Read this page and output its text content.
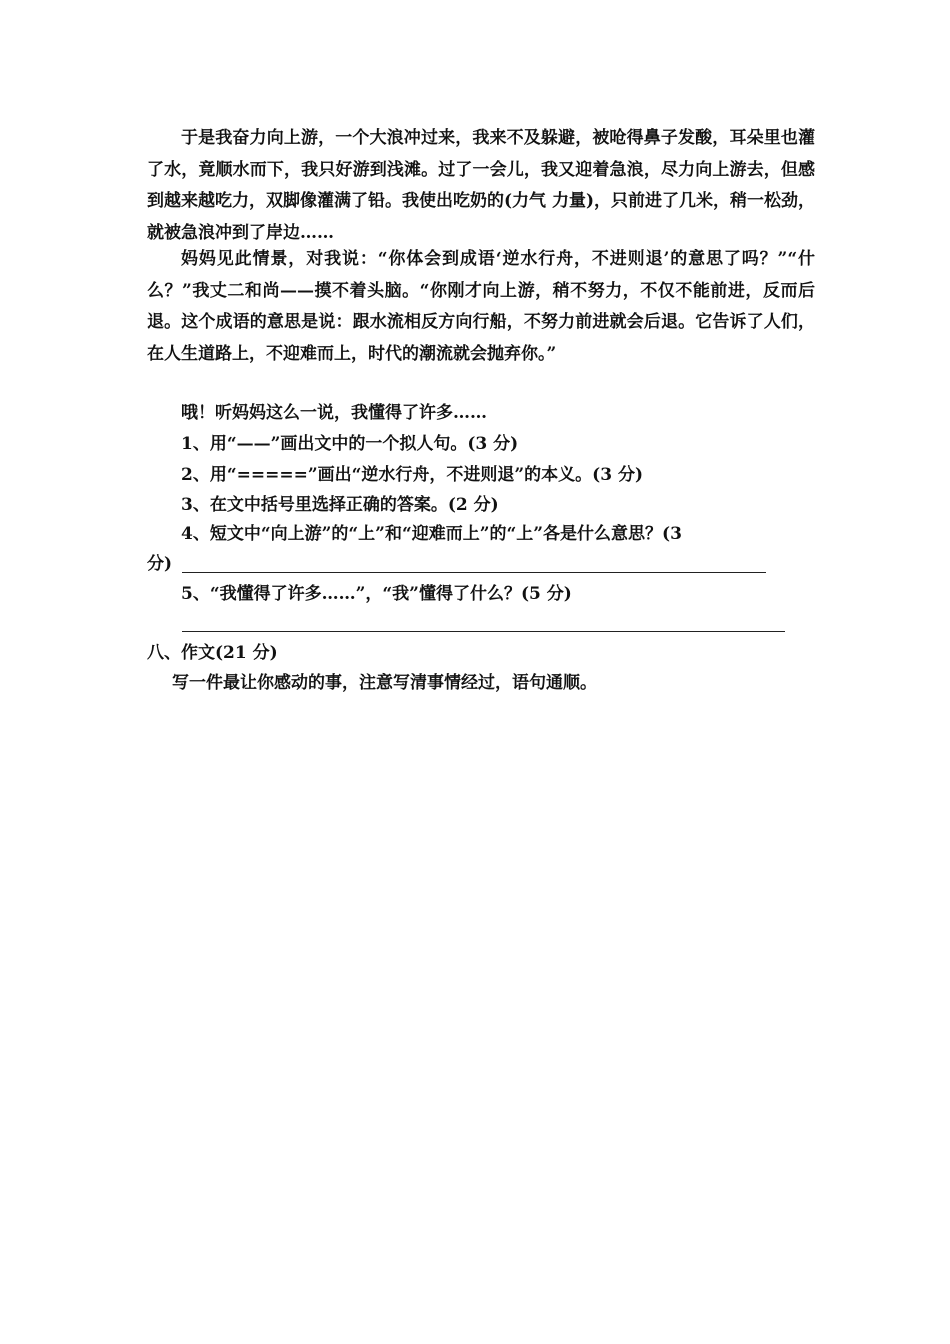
于是我奋力向上游，一个大浪冲过来，我来不及躲避，被呛得鼻子发酸，耳朵里也灌了水，竟顺水而下，我只好游到浅滩。过了一会儿，我又迎着急浪，尽力向上游去，但感到越来越吃力，双脚像灌满了铅。我使出吃奶的(力气 力量)，只前进了几米，稍一松劲，就被急浪冲到了岸边……

妈妈见此情景，对我说：“你体会到成语‘逆水行舟，不进则退’的意思了吗？”“什么？”我丈二和尚——摸不着头脑。“你刚才向上游，稍不努力，不仅不能前进，反而后退。这个成语的意思是说：跟水流相反方向行船，不努力前进就会后退。它告诉了人们，在人生道路上，不迎难而上，时代的潮流就会抛弃你。”

哦！听妈妈这么一说，我懂得了许多……

1、用“——”画出文中的一个拟人句。(3 分)

2、用“=====”画出“逆水行舟，不进则退”的本义。(3 分)

3、在文中括号里选择正确的答案。(2 分)

4、短文中“向上游”的“上”和“迎难而上”的“上”各是什么意思？(3

分)

5、“我懂得了许多……”，“我”懂得了什么？(5 分)

八、作文(21 分)

写一件最让你感动的事，注意写清事情经过，语句通顺。
